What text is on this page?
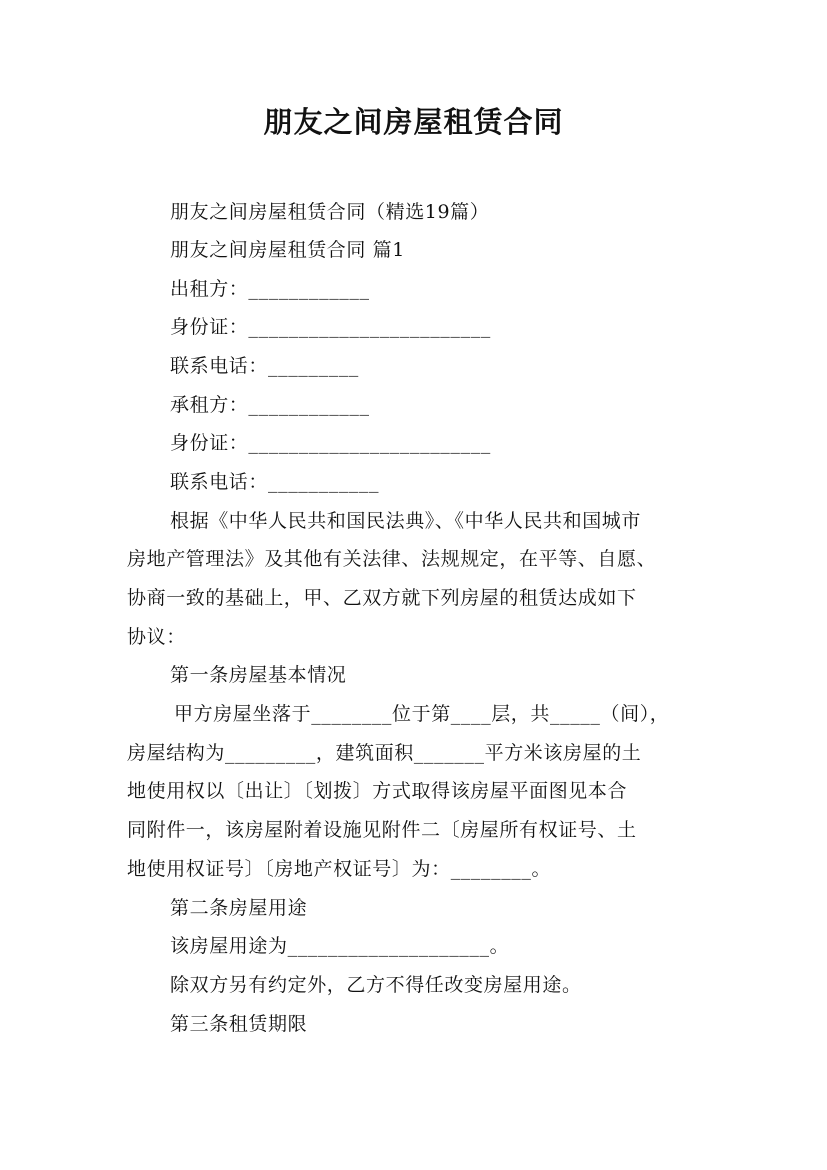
朋友之间房屋租赁合同
朋友之间房屋租赁合同（精选19篇）
朋友之间房屋租赁合同 篇1
出租方：____________
身份证：________________________
联系电话：_________
承租方：____________
身份证：________________________
联系电话：___________
根据《中华人民共和国民法典》、《中华人民共和国城市
房地产管理法》及其他有关法律、法规规定，在平等、自愿、
协商一致的基础上，甲、乙双方就下列房屋的租赁达成如下
协议：
第一条房屋基本情况
甲方房屋坐落于________位于第____层，共_____（间），
房屋结构为_________，建筑面积_______平方米该房屋的土
地使用权以〔出让〕〔划拨〕方式取得该房屋平面图见本合
同附件一，该房屋附着设施见附件二〔房屋所有权证号、土
地使用权证号〕〔房地产权证号〕为：________。
第二条房屋用途
该房屋用途为____________________。
除双方另有约定外，乙方不得任改变房屋用途。
第三条租赁期限
